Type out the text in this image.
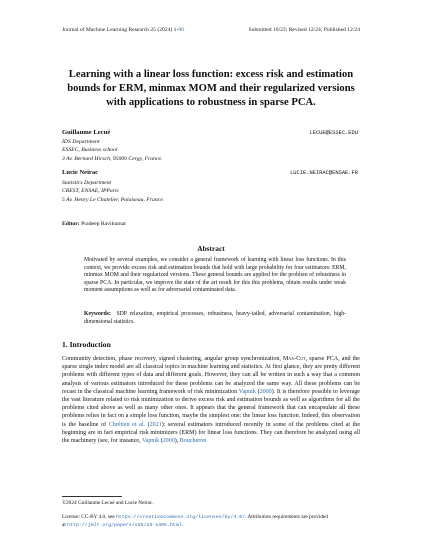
Journal of Machine Learning Research 25 (2024) 1-90	Submitted 10/23; Revised 12/24; Published 12/24
Learning with a linear loss function: excess risk and estimation bounds for ERM, minmax MOM and their regularized versions with applications to robustness in sparse PCA.
Guillaume Lecué	LECUE@ESSEC.EDU
IDS Department
ESSEC, Business school
3 Av. Bernard Hirsch, 95000 Cergy, France.
Lucie Neirac	LUCIE.NEIRAC@ENSAE.FR
Statistics Department
CREST, ENSAE, IPParis
5 Av. Henry Le Chatelier, Palaiseau, France.
Editor: Pradeep Ravikumar
Abstract
Motivated by several examples, we consider a general framework of learning with linear loss functions. In this context, we provide excess risk and estimation bounds that hold with large probability for four estimators: ERM, minmax MOM and their regularized versions. These general bounds are applied for the problem of robustness in sparse PCA. In particular, we improve the state of the art result for this this problems, obtain results under weak moment assumptions as well as for adversarial contaminated data.
Keywords: SDP relaxation, empirical processes, robustness, heavy-tailed, adversarial contamination, high-dimensional statistics.
1. Introduction
Community detection, phase recovery, signed clustering, angular group synchronization, Max-Cut, sparse PCA, and the sparse single index model are all classical topics in machine learning and statistics. At first glance, they are pretty different problems with different types of data and different goals. However, they can all be written in such a way that a common analysis of various estimators introduced for these problems can be analyzed the same way. All these problems can be recast in the classical machine learning framework of risk minimization Vapnik (2000). It is therefore possible to leverage the vast literature related to risk minimization to derive excess risk and estimation bounds as well as algorithms for all the problems cited above as well as many other ones. It appears that the general framework that can encapsulate all these problems relies in fact on a simple loss function, maybe the simplest one: the linear loss function. Indeed, this observation is the baseline of Chrétien et al. (2021): several estimators introduced recently in some of the problems cited at the beginning are in fact empirical risk minimizers (ERM) for linear loss functions. They can therefore be analyzed using all the machinery (see, for instance, Vapnik (2000), Boucheron
©2024 Guillaume Lecué and Lucie Neirac.
License: CC-BY 4.0, see https://creativecommons.org/licenses/by/4.0/. Attribution requirements are provided
at http://jmlr.org/papers/v25/23-1405.html.
